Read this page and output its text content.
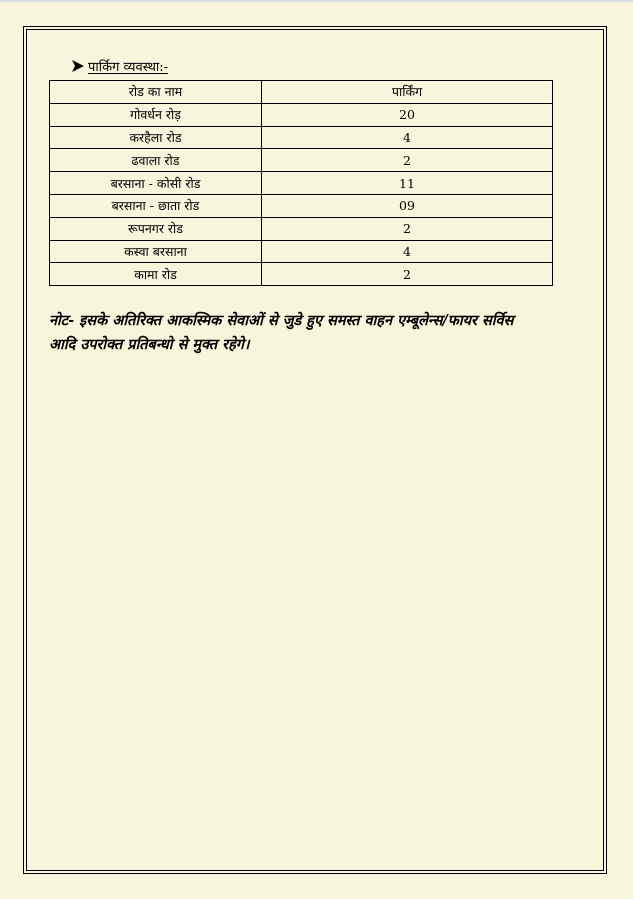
पार्किग व्यवस्था:-
रोड का नाम	पार्किंग
गोवर्धन रोड़	20
करहैला रोड	4
ढवाला रोड	2
बरसाना - कोसी रोड	11
बरसाना - छाता रोड	09
रूपनगर रोड	2
कस्वा बरसाना	4
कामा रोड	2
नोट- इसके अतिरिक्त आकस्मिक सेवाओं से जुडे हुए समस्त वाहन एम्बूलेन्स/फायर सर्विस
आदि उपरोक्त प्रतिबन्धो से मुक्त रहेगे।
